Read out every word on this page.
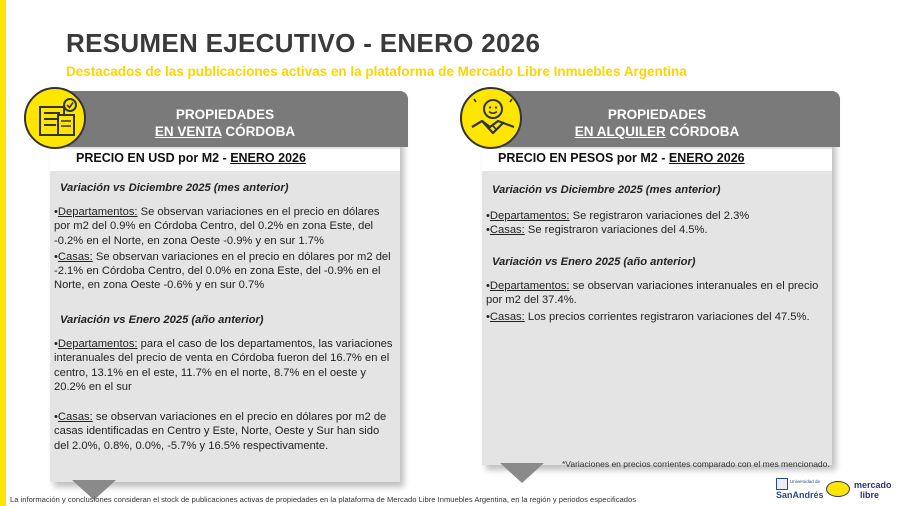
RESUMEN EJECUTIVO - ENERO 2026
Destacados de las publicaciones activas en la plataforma de Mercado Libre Inmuebles Argentina
PROPIEDADES
EN VENTA CÓRDOBA
PRECIO EN USD por M2 - ENERO 2026
Variación vs Diciembre 2025 (mes anterior)
•Departamentos: Se observan variaciones en el precio en dólares por m2 del 0.9% en Córdoba Centro, del 0.2% en zona Este, del -0.2% en el Norte, en zona Oeste -0.9% y en sur 1.7%
•Casas: Se observan variaciones en el precio en dólares por m2 del -2.1% en Córdoba Centro, del 0.0% en zona Este, del -0.9% en el Norte, en zona Oeste -0.6% y en sur 0.7%
Variación vs Enero 2025 (año anterior)
•Departamentos: para el caso de los departamentos, las variaciones interanuales del precio de venta en Córdoba fueron del 16.7% en el centro, 13.1% en el este, 11.7% en el norte, 8.7% en el oeste y 20.2% en el sur
•Casas: se observan variaciones en el precio en dólares por m2 de casas identificadas en Centro y Este, Norte, Oeste y Sur han sido del 2.0%, 0.8%, 0.0%, -5.7% y 16.5% respectivamente.
PROPIEDADES
EN ALQUILER CÓRDOBA
PRECIO EN PESOS por M2 - ENERO 2026
Variación vs Diciembre 2025 (mes anterior)
•Departamentos: Se registraron variaciones del 2.3%
•Casas: Se registraron variaciones del 4.5%.
Variación vs Enero 2025 (año anterior)
•Departamentos: se observan variaciones interanuales en el precio por m2 del 37.4%.
•Casas: Los precios corrientes registraron variaciones del 47.5%.
*Variaciones en precios corrientes comparado con el mes mencionado.
La información y conclusiones consideran el stock de publicaciones activas de propiedades en la plataforma de Mercado Libre Inmuebles Argentina, en la región y periodos especificados
Universidad de
SanAndrés
mercado
libre
